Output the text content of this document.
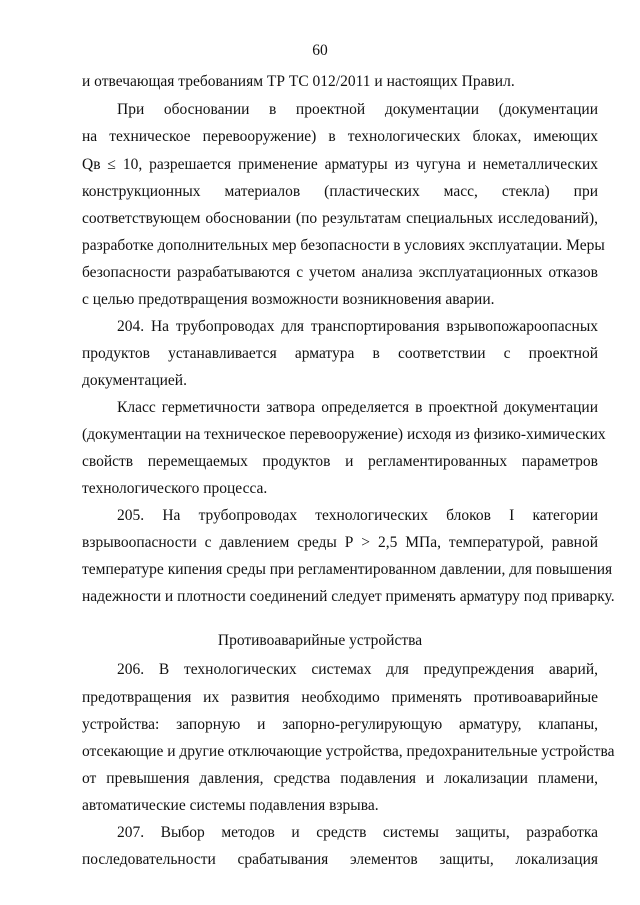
60
и отвечающая требованиям ТР ТС 012/2011 и настоящих Правил.
При обосновании в проектной документации (документации
на техническое перевооружение) в технологических блоках, имеющих
Qв ≤ 10, разрешается применение арматуры из чугуна и неметаллических
конструкционных материалов (пластических масс, стекла) при
соответствующем обосновании (по результатам специальных исследований),
разработке дополнительных мер безопасности в условиях эксплуатации. Меры
безопасности разрабатываются с учетом анализа эксплуатационных отказов
с целью предотвращения возможности возникновения аварии.
204. На трубопроводах для транспортирования взрывопожароопасных
продуктов устанавливается арматура в соответствии с проектной
документацией.
Класс герметичности затвора определяется в проектной документации
(документации на техническое перевооружение) исходя из физико-химических
свойств перемещаемых продуктов и регламентированных параметров
технологического процесса.
205. На трубопроводах технологических блоков I категории
взрывоопасности с давлением среды Р > 2,5 МПа, температурой, равной
температуре кипения среды при регламентированном давлении, для повышения
надежности и плотности соединений следует применять арматуру под приварку.
Противоаварийные устройства
206. В технологических системах для предупреждения аварий,
предотвращения их развития необходимо применять противоаварийные
устройства: запорную и запорно-регулирующую арматуру, клапаны,
отсекающие и другие отключающие устройства, предохранительные устройства
от превышения давления, средства подавления и локализации пламени,
автоматические системы подавления взрыва.
207. Выбор методов и средств системы защиты, разработка
последовательности срабатывания элементов защиты, локализация
